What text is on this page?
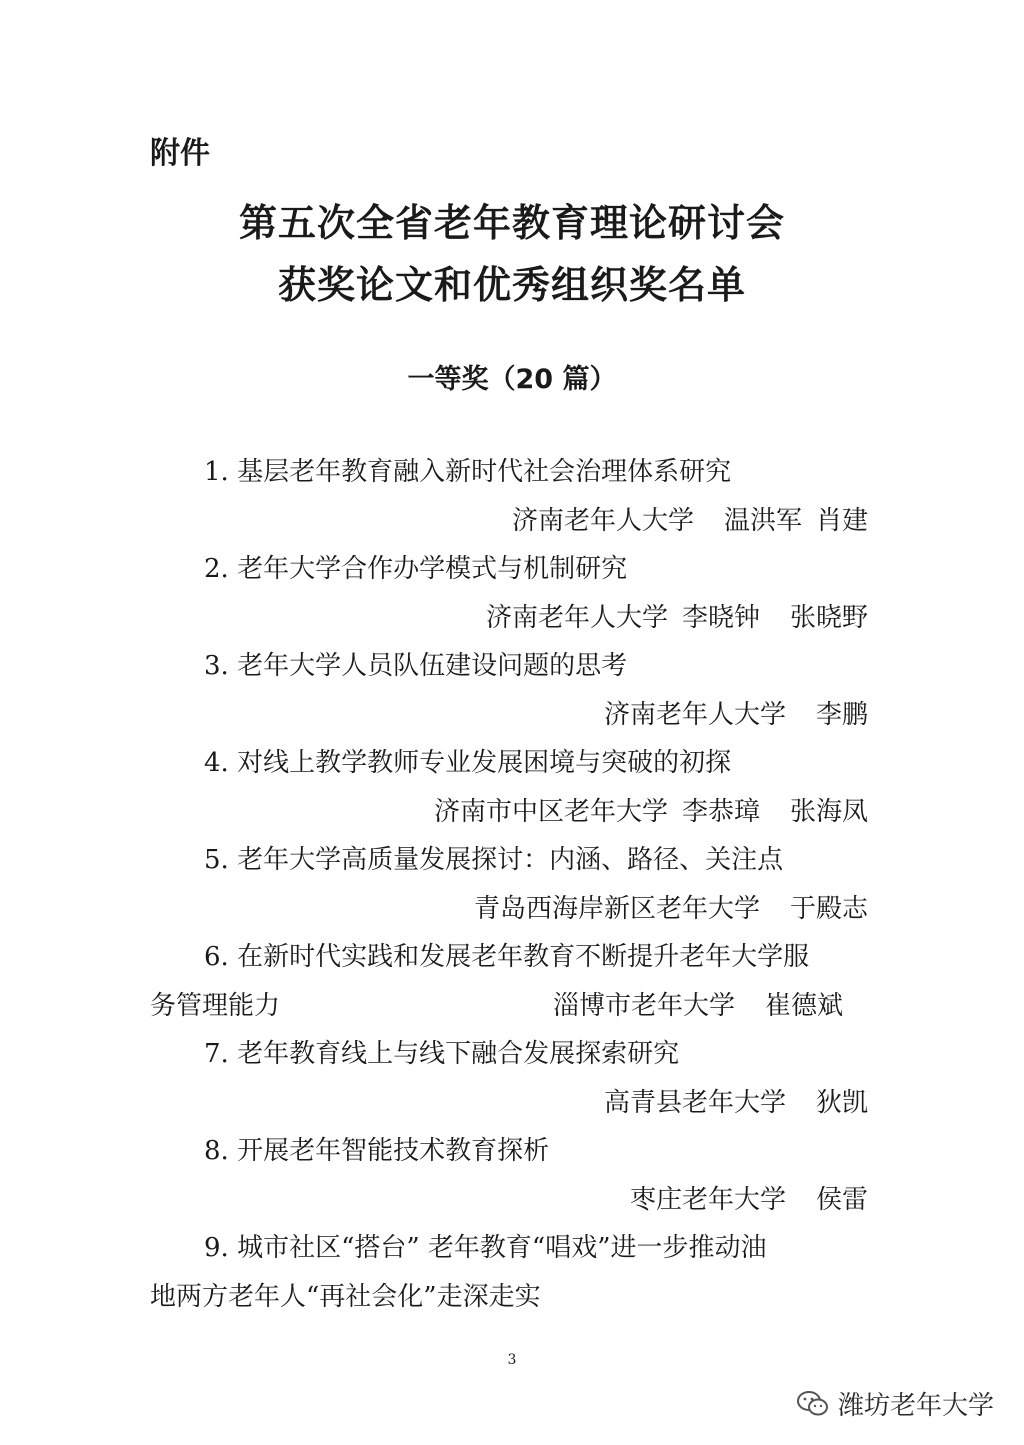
附件
第五次全省老年教育理论研讨会
获奖论文和优秀组织奖名单
一等奖（20 篇）
1. 基层老年教育融入新时代社会治理体系研究
济南老年人大学 温洪军 肖建
2. 老年大学合作办学模式与机制研究
济南老年人大学 李晓钟 张晓野
3. 老年大学人员队伍建设问题的思考
济南老年人大学 李鹏
4. 对线上教学教师专业发展困境与突破的初探
济南市中区老年大学 李恭璋 张海凤
5. 老年大学高质量发展探讨：内涵、路径、关注点
青岛西海岸新区老年大学 于殿志
6. 在新时代实践和发展老年教育不断提升老年大学服
务管理能力	淄博市老年大学 崔德斌
7. 老年教育线上与线下融合发展探索研究
高青县老年大学 狄凯
8. 开展老年智能技术教育探析
枣庄老年大学 侯雷
9. 城市社区“搭台” 老年教育“唱戏”进一步推动油
地两方老年人“再社会化”走深走实
3
潍坊老年大学
